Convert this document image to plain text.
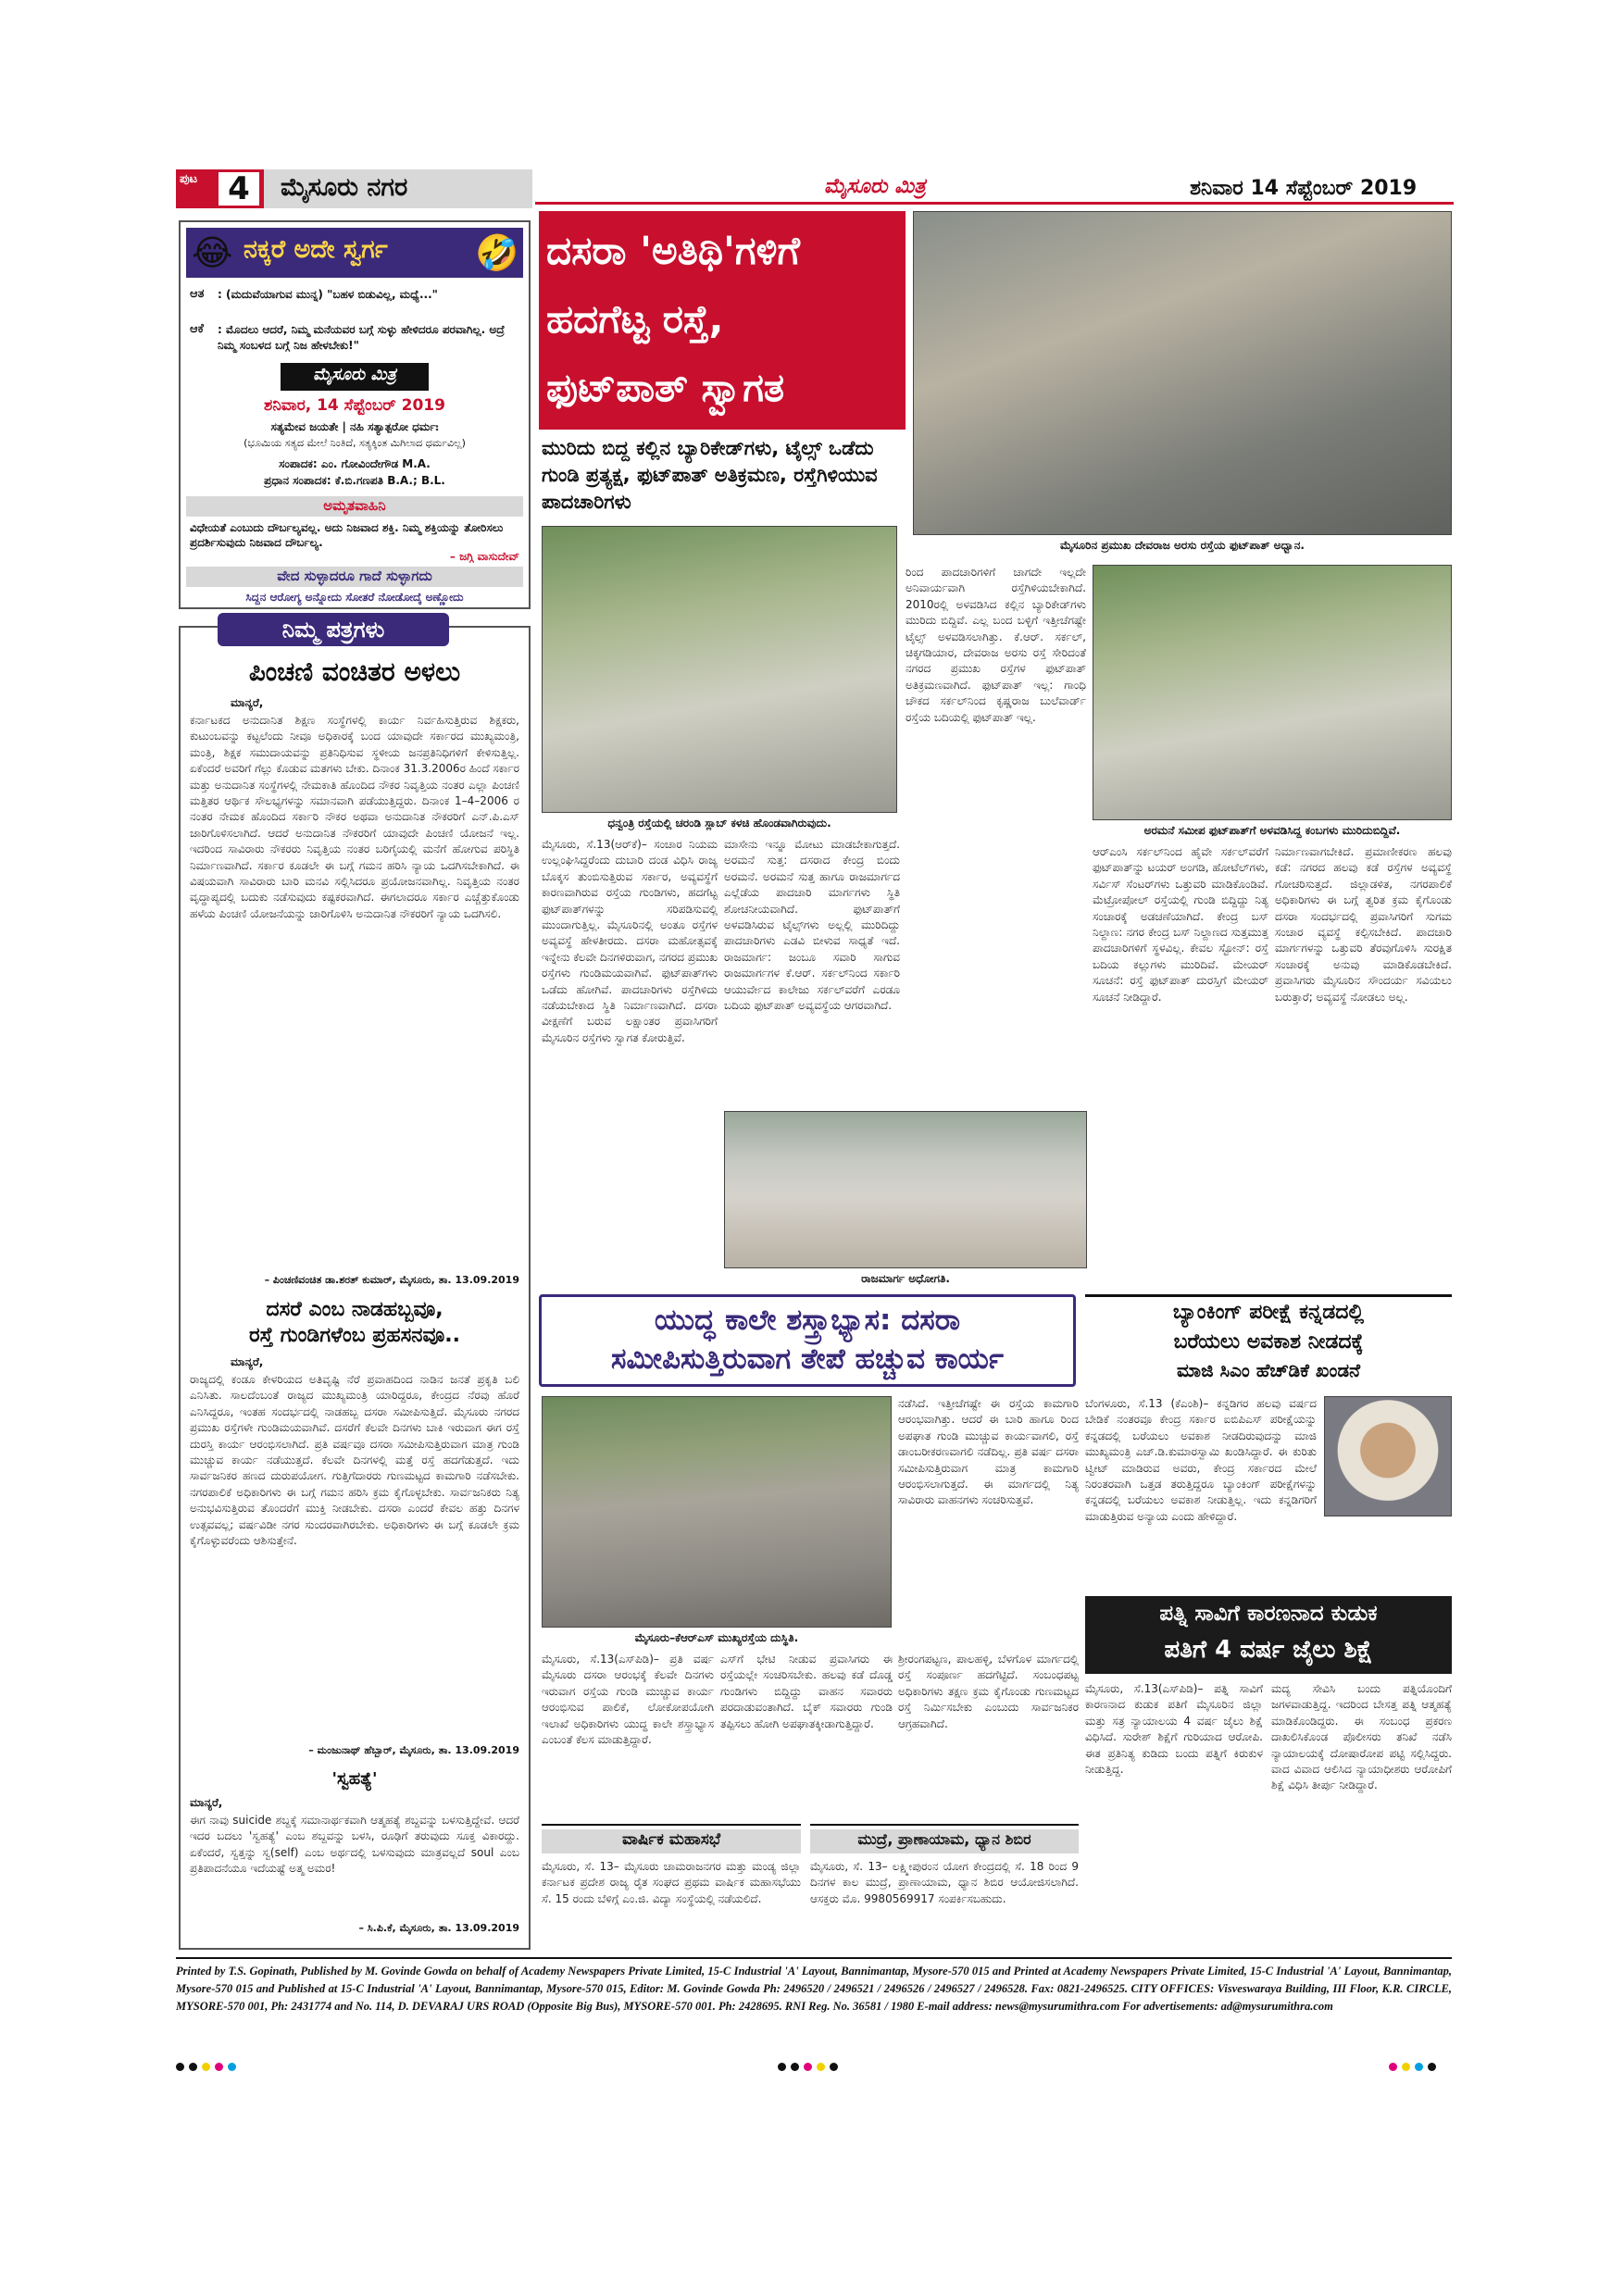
ಪುಟ 4	ಮೈಸೂರು ನಗರ	ಮೈಸೂರು ಮಿತ್ರ	ಶನಿವಾರ 14 ಸೆಪ್ಟೆಂಬರ್ 2019
😂 ನಕ್ಕರೆ ಅದೇ ಸ್ವರ್ಗ 🤣
ಆತ : (ಮದುವೆಯಾಗುವ ಮುನ್ನ) "ಬಹಳ ಬಿಡುವಿಲ್ಲ, ಮಧ್ಯೆ..."
ಆಕೆ : ಮೊದಲು ಆದರೆ, ನಿಮ್ಮ ಮನೆಯವರ ಬಗ್ಗೆ ಸುಳ್ಳು ಹೇಳಿದರೂ ಪರವಾಗಿಲ್ಲ. ಅದ್ರೆ ನಿಮ್ಮ ಸಂಬಳದ ಬಗ್ಗೆ ನಿಜ ಹೇಳಬೇಕು!"
ಮೈಸೂರು ಮಿತ್ರ
ಶನಿವಾರ, 14 ಸೆಪ್ಟೆಂಬರ್ 2019
ಸತ್ಯಮೇವ ಜಯತೇ | ನಹಿ ಸತ್ಯಾತ್ಪರೋ ಧರ್ಮಃ
(ಭೂಮಿಯ ಸತ್ಯದ ಮೇಲೆ ನಿಂತಿದೆ, ಸತ್ಯಕ್ಕಿಂತ ಮಿಗಿಲಾದ ಧರ್ಮವಿಲ್ಲ)
ಸಂಪಾದಕ: ಎಂ. ಗೋವಿಂದೇಗೌಡ M.A.
ಪ್ರಧಾನ ಸಂಪಾದಕ: ಕೆ.ಬಿ.ಗಣಪತಿ B.A.; B.L.
ಅಮೃತವಾಹಿನಿ
ವಿಧೇಯತೆ ಎಂಬುದು ದೌರ್ಬಲ್ಯವಲ್ಲ. ಅದು ನಿಜವಾದ ಶಕ್ತಿ. ನಿಮ್ಮ ಶಕ್ತಿಯನ್ನು ತೋರಿಸಲು ಪ್ರದರ್ಶಿಸುವುದು ನಿಜವಾದ ದೌರ್ಬಲ್ಯ.
– ಜಗ್ಗಿ ವಾಸುದೇವ್
ವೇದ ಸುಳ್ಳಾದರೂ ಗಾದೆ ಸುಳ್ಳಾಗದು
ಸಿದ್ದನ ಆರೋಗ್ಯ ಅನ್ನೋದು ಸೋತರೆ ನೋಡೋದ್ಕೆ ಅಣ್ಣೋದು
ನಿಮ್ಮ ಪತ್ರಗಳು
ಪಿಂಚಣಿ ವಂಚಿತರ ಅಳಲು
ಮಾನ್ಯರೆ,
ಕರ್ನಾಟಕದ ಅನುದಾನಿತ ಶಿಕ್ಷಣ ಸಂಸ್ಥೆಗಳಲ್ಲಿ ಕಾರ್ಯ ನಿರ್ವಹಿಸುತ್ತಿರುವ ಶಿಕ್ಷಕರು, ಕುಟುಂಬವನ್ನು ಕಟ್ಟಲೆಂದು ನೀವೂ ಅಧಿಕಾರಕ್ಕೆ ಬಂದ ಯಾವುದೇ ಸರ್ಕಾರದ ಮುಖ್ಯಮಂತ್ರಿ, ಮಂತ್ರಿ, ಶಿಕ್ಷಕ ಸಮುದಾಯವನ್ನು ಪ್ರತಿನಿಧಿಸುವ ಸ್ಥಳೀಯ ಜನಪ್ರತಿನಿಧಿಗಳಿಗೆ ಕೇಳಿಸುತ್ತಿಲ್ಲ. ಏಕೆಂದರೆ ಅವರಿಗೆ ಗೆಲ್ಲು ಕೊಡುವ ಮತಗಳು ಬೇಕು. ದಿನಾಂಕ 31.3.2006ರ ಹಿಂದೆ ಸರ್ಕಾರ ಮತ್ತು ಅನುದಾನಿತ ಸಂಸ್ಥೆಗಳಲ್ಲಿ ನೇಮಕಾತಿ ಹೊಂದಿದ ನೌಕರ ನಿವೃತ್ತಿಯ ನಂತರ ಎಲ್ಲಾ ಪಿಂಚಣಿ ಮತ್ತಿತರ ಆರ್ಥಿಕ ಸೌಲಭ್ಯಗಳನ್ನು ಸಮಾನವಾಗಿ ಪಡೆಯುತ್ತಿದ್ದರು. ದಿನಾಂಕ 1–4–2006 ರ ನಂತರ ನೇಮಕ ಹೊಂದಿದ ಸರ್ಕಾರಿ ನೌಕರ ಅಥವಾ ಅನುದಾನಿತ ನೌಕರರಿಗೆ ಎನ್‌.ಪಿ.ಎಸ್‌ ಜಾರಿಗೊಳಿಸಲಾಗಿದೆ. ಆದರೆ ಅನುದಾನಿತ ನೌಕರರಿಗೆ ಯಾವುದೇ ಪಿಂಚಣಿ ಯೋಜನೆ ಇಲ್ಲ. ಇದರಿಂದ ಸಾವಿರಾರು ನೌಕರರು ನಿವೃತ್ತಿಯ ನಂತರ ಬರಿಗೈಯಲ್ಲಿ ಮನೆಗೆ ಹೋಗುವ ಪರಿಸ್ಥಿತಿ ನಿರ್ಮಾಣವಾಗಿದೆ. ಸರ್ಕಾರ ಕೂಡಲೇ ಈ ಬಗ್ಗೆ ಗಮನ ಹರಿಸಿ ನ್ಯಾಯ ಒದಗಿಸಬೇಕಾಗಿದೆ. ಈ ವಿಷಯವಾಗಿ ಸಾವಿರಾರು ಬಾರಿ ಮನವಿ ಸಲ್ಲಿಸಿದರೂ ಪ್ರಯೋಜನವಾಗಿಲ್ಲ. ನಿವೃತ್ತಿಯ ನಂತರ ವೃದ್ಧಾಪ್ಯದಲ್ಲಿ ಬದುಕು ನಡೆಸುವುದು ಕಷ್ಟಕರವಾಗಿದೆ. ಈಗಲಾದರೂ ಸರ್ಕಾರ ಎಚ್ಚೆತ್ತುಕೊಂಡು ಹಳೆಯ ಪಿಂಚಣಿ ಯೋಜನೆಯನ್ನು ಜಾರಿಗೊಳಿಸಿ ಅನುದಾನಿತ ನೌಕರರಿಗೆ ನ್ಯಾಯ ಒದಗಿಸಲಿ.
– ಪಿಂಚಣಿವಂಚಿತ ಡಾ.ಶರತ್ ಕುಮಾರ್, ಮೈಸೂರು, ತಾ. 13.09.2019
ದಸರೆ ಎಂಬ ನಾಡಹಬ್ಬವೂ,
ರಸ್ತೆ ಗುಂಡಿಗಳೆಂಬ ಪ್ರಹಸನವೂ..
ಮಾನ್ಯರೆ,
ರಾಜ್ಯದಲ್ಲಿ ಕಂಡೂ ಕೇಳರಿಯದ ಅತಿವೃಷ್ಟಿ ನೆರೆ ಪ್ರವಾಹದಿಂದ ನಾಡಿನ ಜನತೆ ಪ್ರಕೃತಿ ಬಲಿ ಎನಿಸಿತು. ಸಾಲದೆಂಬಂತೆ ರಾಜ್ಯದ ಮುಖ್ಯಮಂತ್ರಿ ಯಾರಿದ್ದರೂ, ಕೇಂದ್ರದ ನೆರವು ಹೊರೆ ಎನಿಸಿದ್ದರೂ, ಇಂತಹ ಸಂದರ್ಭದಲ್ಲಿ ನಾಡಹಬ್ಬ ದಸರಾ ಸಮೀಪಿಸುತ್ತಿದೆ. ಮೈಸೂರು ನಗರದ ಪ್ರಮುಖ ರಸ್ತೆಗಳೇ ಗುಂಡಿಮಯವಾಗಿವೆ. ದಸರೆಗೆ ಕೆಲವೇ ದಿನಗಳು ಬಾಕಿ ಇರುವಾಗ ಈಗ ರಸ್ತೆ ದುರಸ್ತಿ ಕಾರ್ಯ ಆರಂಭಿಸಲಾಗಿದೆ. ಪ್ರತಿ ವರ್ಷವೂ ದಸರಾ ಸಮೀಪಿಸುತ್ತಿರುವಾಗ ಮಾತ್ರ ಗುಂಡಿ ಮುಚ್ಚುವ ಕಾರ್ಯ ನಡೆಯುತ್ತದೆ. ಕೆಲವೇ ದಿನಗಳಲ್ಲಿ ಮತ್ತೆ ರಸ್ತೆ ಹದಗೆಡುತ್ತದೆ. ಇದು ಸಾರ್ವಜನಿಕರ ಹಣದ ದುರುಪಯೋಗ. ಗುತ್ತಿಗೆದಾರರು ಗುಣಮಟ್ಟದ ಕಾಮಗಾರಿ ನಡೆಸಬೇಕು. ನಗರಪಾಲಿಕೆ ಅಧಿಕಾರಿಗಳು ಈ ಬಗ್ಗೆ ಗಮನ ಹರಿಸಿ ಕ್ರಮ ಕೈಗೊಳ್ಳಬೇಕು. ಸಾರ್ವಜನಿಕರು ನಿತ್ಯ ಅನುಭವಿಸುತ್ತಿರುವ ತೊಂದರೆಗೆ ಮುಕ್ತಿ ನೀಡಬೇಕು. ದಸರಾ ಎಂದರೆ ಕೇವಲ ಹತ್ತು ದಿನಗಳ ಉತ್ಸವವಲ್ಲ; ವರ್ಷವಿಡೀ ನಗರ ಸುಂದರವಾಗಿರಬೇಕು. ಅಧಿಕಾರಿಗಳು ಈ ಬಗ್ಗೆ ಕೂಡಲೇ ಕ್ರಮ ಕೈಗೊಳ್ಳುವರೆಂದು ಆಶಿಸುತ್ತೇನೆ.
– ಮಂಜುನಾಥ್ ಹೆಬ್ಬಾರ್, ಮೈಸೂರು, ತಾ. 13.09.2019
'ಸ್ವಹತ್ಯೆ'
ಮಾನ್ಯರೆ,
ಈಗ ನಾವು suicide ಶಬ್ದಕ್ಕೆ ಸಮಾನಾರ್ಥಕವಾಗಿ ಆತ್ಮಹತ್ಯೆ ಶಬ್ದವನ್ನು ಬಳಸುತ್ತಿದ್ದೇವೆ. ಆದರೆ ಇದರ ಬದಲು 'ಸ್ವಹತ್ಯೆ' ಎಂಬ ಶಬ್ದವನ್ನು ಬಳಸಿ, ರೂಢಿಗೆ ತರುವುದು ಸೂಕ್ತ ವಿಕಾರದ್ದು. ಏಕೆಂದರೆ, ಸ್ವತ್ತನ್ನು ಸ್ವ(self) ಎಂಬ ಅರ್ಥದಲ್ಲಿ ಬಳಸುವುದು ಮಾತ್ರವಲ್ಲದೆ soul ಎಂಬ ಪ್ರತಿಪಾದನೆಯೂ ಇದೆಯಷ್ಟೆ ಅತ್ಮ ಅಮರ!
– ಸಿ.ಪಿ.ಕೆ, ಮೈಸೂರು, ತಾ. 13.09.2019
ದಸರಾ 'ಅತಿಥಿ'ಗಳಿಗೆ
ಹದಗೆಟ್ಟ ರಸ್ತೆ,
ಫುಟ್‌ಪಾತ್ ಸ್ವಾಗತ
ಮುರಿದು ಬಿದ್ದ ಕಲ್ಲಿನ ಬ್ಯಾರಿಕೇಡ್‌ಗಳು, ಟೈಲ್ಸ್ ಒಡೆದು ಗುಂಡಿ ಪ್ರತ್ಯಕ್ಷ, ಫುಟ್‌ಪಾತ್ ಅತಿಕ್ರಮಣ, ರಸ್ತೆಗಿಳಿಯುವ ಪಾದಚಾರಿಗಳು
ಮೈಸೂರಿನ ಪ್ರಮುಖ ದೇವರಾಜ ಅರಸು ರಸ್ತೆಯ ಫುಟ್‌ಪಾತ್ ಅಧ್ವಾನ.
ಧನ್ವಂತ್ರಿ ರಸ್ತೆಯಲ್ಲಿ ಚರಂಡಿ ಸ್ಲಾಬ್ ಕಳಚಿ ಹೊಂಡವಾಗಿರುವುದು.
ರಿಂದ ಪಾದಚಾರಿಗಳಿಗೆ ಚಾಗದೇ ಇಲ್ಲದೇ ಅನಿವಾರ್ಯವಾಗಿ ರಸ್ತೆಗಿಳಿಯಬೇಕಾಗಿದೆ. 2010ರಲ್ಲಿ ಅಳವಡಿಸಿದ ಕಲ್ಲಿನ ಬ್ಯಾರಿಕೇಡ್‌ಗಳು ಮುರಿದು ಬಿದ್ದಿವೆ. ಎಲ್ಲ ಬಂದ ಬಳ್ಳಿಗೆ ಇತ್ತೀಚೆಗಷ್ಟೇ ಟೈಲ್ಸ್ ಅಳವಡಿಸಲಾಗಿತ್ತು. ಕೆ.ಆರ್. ಸರ್ಕಲ್, ಚಿಕ್ಕಗಡಿಯಾರ, ದೇವರಾಜ ಅರಸು ರಸ್ತೆ ಸೇರಿದಂತೆ ನಗರದ ಪ್ರಮುಖ ರಸ್ತೆಗಳ ಫುಟ್‌ಪಾತ್ ಅತಿಕ್ರಮಣವಾಗಿದೆ. ಫುಟ್‌ಪಾತ್ ಇಲ್ಲ: ಗಾಂಧಿ ಚೌಕದ ಸರ್ಕಲ್‌ನಿಂದ ಕೃಷ್ಣರಾಜ ಬುಲೆವಾರ್ಡ್ ರಸ್ತೆಯ ಬದಿಯಲ್ಲಿ ಫುಟ್‌ಪಾತ್ ಇಲ್ಲ.
ಅರಮನೆ ಸಮೀಪ ಫುಟ್‌ಪಾತ್‌ಗೆ ಅಳವಡಿಸಿದ್ದ ಕಂಬಗಳು ಮುರಿದುಬಿದ್ದಿವೆ.
ಮೈಸೂರು, ಸೆ.13(ಆರ್‌ಕೆ)– ಸಂಚಾರ ನಿಯಮ ಉಲ್ಲಂಘಿಸಿದ್ದರೆಂದು ದುಬಾರಿ ದಂಡ ವಿಧಿಸಿ ರಾಜ್ಯ ಬೊಕ್ಕಸ ತುಂಬಿಸುತ್ತಿರುವ ಸರ್ಕಾರ, ಅವ್ಯವಸ್ಥೆಗೆ ಕಾರಣವಾಗಿರುವ ರಸ್ತೆಯ ಗುಂಡಿಗಳು, ಹದಗೆಟ್ಟ ಫುಟ್‌ಪಾತ್‌ಗಳನ್ನು ಸರಿಪಡಿಸುವಲ್ಲಿ ಮುಂದಾಗುತ್ತಿಲ್ಲ. ಮೈಸೂರಿನಲ್ಲಿ ಅಂತೂ ರಸ್ತೆಗಳ ಅವ್ಯವಸ್ಥೆ ಹೇಳತೀರದು. ದಸರಾ ಮಹೋತ್ಸವಕ್ಕೆ ಇನ್ನೇನು ಕೆಲವೇ ದಿನಗಳಿರುವಾಗ, ನಗರದ ಪ್ರಮುಖ ರಸ್ತೆಗಳು ಗುಂಡಿಮಯವಾಗಿವೆ. ಫುಟ್‌ಪಾತ್‌ಗಳು ಒಡೆದು ಹೋಗಿವೆ. ಪಾದಚಾರಿಗಳು ರಸ್ತೆಗಿಳಿದು ನಡೆಯಬೇಕಾದ ಸ್ಥಿತಿ ನಿರ್ಮಾಣವಾಗಿದೆ. ದಸರಾ ವೀಕ್ಷಣೆಗೆ ಬರುವ ಲಕ್ಷಾಂತರ ಪ್ರವಾಸಿಗರಿಗೆ ಮೈಸೂರಿನ ರಸ್ತೆಗಳು ಸ್ವಾಗತ ಕೋರುತ್ತಿವೆ.
ಮಾಸೇನು ಇನ್ನೂ ಮೋಟು ಮಾಡಬೇಕಾಗುತ್ತದೆ. ಅರಮನೆ ಸುತ್ತ: ದಸರಾದ ಕೇಂದ್ರ ಬಿಂದು ಅರಮನೆ. ಅರಮನೆ ಸುತ್ತ ಹಾಗೂ ರಾಜಮಾರ್ಗದ ಎಲ್ಲೆಡೆಯ ಪಾದಚಾರಿ ಮಾರ್ಗಗಳು ಸ್ಥಿತಿ ಶೋಚನೀಯವಾಗಿದೆ. ಫುಟ್‌ಪಾತ್‌ಗೆ ಅಳವಡಿಸಿರುವ ಟೈಲ್ಸ್‌ಗಳು ಅಲ್ಲಲ್ಲಿ ಮುರಿದಿದ್ದು ಪಾದಚಾರಿಗಳು ಎಡವಿ ಬೀಳುವ ಸಾಧ್ಯತೆ ಇದೆ. ರಾಜಮಾರ್ಗ: ಜಂಬೂ ಸವಾರಿ ಸಾಗುವ ರಾಜಮಾರ್ಗಗಳ ಕೆ.ಆರ್. ಸರ್ಕಲ್‌ನಿಂದ ಸರ್ಕಾರಿ ಆಯುರ್ವೇದ ಕಾಲೇಜು ಸರ್ಕಲ್‌ವರೆಗೆ ಎರಡೂ ಬದಿಯ ಫುಟ್‌ಪಾತ್ ಅವ್ಯವಸ್ಥೆಯ ಆಗರವಾಗಿದೆ.
ಆರ್‌ಎಂಸಿ ಸರ್ಕಲ್‌ನಿಂದ ಹೈವೇ ಸರ್ಕಲ್‌ವರೆಗೆ ಫುಟ್‌ಪಾತ್‌ನ್ನು ಟಯರ್ ಅಂಗಡಿ, ಹೋಟೆಲ್‌ಗಳು, ಸರ್ವಿಸ್ ಸೆಂಟರ್‌ಗಳು ಒತ್ತುವರಿ ಮಾಡಿಕೊಂಡಿವೆ. ಮೆಟ್ರೋಪೋಲ್ ರಸ್ತೆಯಲ್ಲಿ ಗುಂಡಿ ಬಿದ್ದಿದ್ದು ನಿತ್ಯ ಸಂಚಾರಕ್ಕೆ ಅಡಚಣೆಯಾಗಿದೆ. ಕೇಂದ್ರ ಬಸ್ ನಿಲ್ದಾಣ: ನಗರ ಕೇಂದ್ರ ಬಸ್ ನಿಲ್ದಾಣದ ಸುತ್ತಮುತ್ತ ಪಾದಚಾರಿಗಳಿಗೆ ಸ್ಥಳವಿಲ್ಲ. ಕೇವಲ ಸ್ಟೋನ್: ರಸ್ತೆ ಬದಿಯ ಕಲ್ಲುಗಳು ಮುರಿದಿವೆ. ಮೇಯರ್ ಸೂಚನೆ: ರಸ್ತೆ ಫುಟ್‌ಪಾತ್ ದುರಸ್ತಿಗೆ ಮೇಯರ್ ಸೂಚನೆ ನೀಡಿದ್ದಾರೆ.
ನಿರ್ಮಾಣವಾಗಬೇಕಿದೆ. ಪ್ರಮಾಣೀಕರಣ ಹಲವು ಕಡೆ: ನಗರದ ಹಲವು ಕಡೆ ರಸ್ತೆಗಳ ಅವ್ಯವಸ್ಥೆ ಗೋಚರಿಸುತ್ತದೆ. ಜಿಲ್ಲಾಡಳಿತ, ನಗರಪಾಲಿಕೆ ಅಧಿಕಾರಿಗಳು ಈ ಬಗ್ಗೆ ತ್ವರಿತ ಕ್ರಮ ಕೈಗೊಂಡು ದಸರಾ ಸಂದರ್ಭದಲ್ಲಿ ಪ್ರವಾಸಿಗರಿಗೆ ಸುಗಮ ಸಂಚಾರ ವ್ಯವಸ್ಥೆ ಕಲ್ಪಿಸಬೇಕಿದೆ. ಪಾದಚಾರಿ ಮಾರ್ಗಗಳನ್ನು ಒತ್ತುವರಿ ತೆರವುಗೊಳಿಸಿ ಸುರಕ್ಷಿತ ಸಂಚಾರಕ್ಕೆ ಅನುವು ಮಾಡಿಕೊಡಬೇಕಿದೆ. ಪ್ರವಾಸಿಗರು ಮೈಸೂರಿನ ಸೌಂದರ್ಯ ಸವಿಯಲು ಬರುತ್ತಾರೆ; ಅವ್ಯವಸ್ಥೆ ನೋಡಲು ಅಲ್ಲ.
ರಾಜಮಾರ್ಗ ಅಧೋಗತಿ.
ಯುದ್ಧ ಕಾಲೇ ಶಸ್ತ್ರಾಭ್ಯಾಸ: ದಸರಾ
ಸಮೀಪಿಸುತ್ತಿರುವಾಗ ತೇಪೆ ಹಚ್ಚುವ ಕಾರ್ಯ
ಮೈಸೂರು–ಕೆಆರ್‌ಎಸ್ ಮುಖ್ಯರಸ್ತೆಯ ದುಸ್ಥಿತಿ.
ನಡೆಸಿದೆ. ಇತ್ತೀಚೆಗಷ್ಟೇ ಈ ರಸ್ತೆಯ ಕಾಮಗಾರಿ ಆರಂಭವಾಗಿತ್ತು. ಆದರೆ ಈ ಬಾರಿ ಹಾಗೂ ರಿಂದ ಅಪಘಾತ ಗುಂಡಿ ಮುಚ್ಚುವ ಕಾರ್ಯವಾಗಲಿ, ರಸ್ತೆ ಡಾಂಬರೀಕರಣವಾಗಲಿ ನಡೆದಿಲ್ಲ. ಪ್ರತಿ ವರ್ಷ ದಸರಾ ಸಮೀಪಿಸುತ್ತಿರುವಾಗ ಮಾತ್ರ ಕಾಮಗಾರಿ ಆರಂಭಿಸಲಾಗುತ್ತದೆ. ಈ ಮಾರ್ಗದಲ್ಲಿ ನಿತ್ಯ ಸಾವಿರಾರು ವಾಹನಗಳು ಸಂಚರಿಸುತ್ತವೆ.
ಮೈಸೂರು, ಸೆ.13(ಎಸ್‌ಪಿಡಿ)– ಪ್ರತಿ ವರ್ಷ ಮೈಸೂರು ದಸರಾ ಆರಂಭಕ್ಕೆ ಕೆಲವೇ ದಿನಗಳು ಇರುವಾಗ ರಸ್ತೆಯ ಗುಂಡಿ ಮುಚ್ಚುವ ಕಾರ್ಯ ಆರಂಭಿಸುವ ಪಾಲಿಕೆ, ಲೋಕೋಪಯೋಗಿ ಇಲಾಖೆ ಅಧಿಕಾರಿಗಳು ಯುದ್ಧ ಕಾಲೇ ಶಸ್ತ್ರಾಭ್ಯಾಸ ಎಂಬಂತೆ ಕೆಲಸ ಮಾಡುತ್ತಿದ್ದಾರೆ.
ಎಸ್‌ಗೆ ಭೇಟಿ ನೀಡುವ ಪ್ರವಾಸಿಗರು ಈ ರಸ್ತೆಯಲ್ಲೇ ಸಂಚರಿಸಬೇಕು. ಹಲವು ಕಡೆ ದೊಡ್ಡ ಗುಂಡಿಗಳು ಬಿದ್ದಿದ್ದು ವಾಹನ ಸವಾರರು ಪರದಾಡುವಂತಾಗಿದೆ. ಬೈಕ್ ಸವಾರರು ಗುಂಡಿ ತಪ್ಪಿಸಲು ಹೋಗಿ ಅಪಘಾತಕ್ಕೀಡಾಗುತ್ತಿದ್ದಾರೆ.
ಶ್ರೀರಂಗಪಟ್ಟಣ, ಪಾಲಹಳ್ಳಿ, ಬೆಳಗೊಳ ಮಾರ್ಗದಲ್ಲಿ ರಸ್ತೆ ಸಂಪೂರ್ಣ ಹದಗೆಟ್ಟಿದೆ. ಸಂಬಂಧಪಟ್ಟ ಅಧಿಕಾರಿಗಳು ತಕ್ಷಣ ಕ್ರಮ ಕೈಗೊಂಡು ಗುಣಮಟ್ಟದ ರಸ್ತೆ ನಿರ್ಮಿಸಬೇಕು ಎಂಬುದು ಸಾರ್ವಜನಿಕರ ಆಗ್ರಹವಾಗಿದೆ.
ವಾರ್ಷಿಕ ಮಹಾಸಭೆ
ಮೈಸೂರು, ಸೆ. 13– ಮೈಸೂರು ಚಾಮರಾಜನಗರ ಮತ್ತು ಮಂಡ್ಯ ಜಿಲ್ಲಾ ಕರ್ನಾಟಕ ಪ್ರದೇಶ ರಾಜ್ಯ ರೈತ ಸಂಘದ ಪ್ರಥಮ ವಾರ್ಷಿಕ ಮಹಾಸಭೆಯು ಸೆ. 15 ರಂದು ಬೆಳಿಗ್ಗೆ ಎಂ.ಜಿ. ವಿದ್ಯಾ ಸಂಸ್ಥೆಯಲ್ಲಿ ನಡೆಯಲಿದೆ.
ಮುದ್ರೆ, ಪ್ರಾಣಾಯಾಮ, ಧ್ಯಾನ ಶಿಬಿರ
ಮೈಸೂರು, ಸೆ. 13– ಲಕ್ಷ್ಮೀಪುರಂನ ಯೋಗ ಕೇಂದ್ರದಲ್ಲಿ ಸೆ. 18 ರಿಂದ 9 ದಿನಗಳ ಕಾಲ ಮುದ್ರೆ, ಪ್ರಾಣಾಯಾಮ, ಧ್ಯಾನ ಶಿಬಿರ ಆಯೋಜಿಸಲಾಗಿದೆ. ಆಸಕ್ತರು ಮೊ. 9980569917 ಸಂಪರ್ಕಿಸಬಹುದು.
ಬ್ಯಾಂಕಿಂಗ್ ಪರೀಕ್ಷೆ ಕನ್ನಡದಲ್ಲಿ
ಬರೆಯಲು ಅವಕಾಶ ನೀಡದಕ್ಕೆ
ಮಾಜಿ ಸಿಎಂ ಹೆಚ್‌ಡಿಕೆ ಖಂಡನೆ
ಬೆಂಗಳೂರು, ಸೆ.13 (ಕೆಎಂಶಿ)– ಕನ್ನಡಿಗರ ಹಲವು ವರ್ಷದ ಬೇಡಿಕೆ ನಂತರವೂ ಕೇಂದ್ರ ಸರ್ಕಾರ ಐಬಿಪಿಎಸ್ ಪರೀಕ್ಷೆಯನ್ನು ಕನ್ನಡದಲ್ಲಿ ಬರೆಯಲು ಅವಕಾಶ ನೀಡದಿರುವುದನ್ನು ಮಾಜಿ ಮುಖ್ಯಮಂತ್ರಿ ಎಚ್.ಡಿ.ಕುಮಾರಸ್ವಾಮಿ ಖಂಡಿಸಿದ್ದಾರೆ. ಈ ಕುರಿತು ಟ್ವೀಟ್ ಮಾಡಿರುವ ಅವರು, ಕೇಂದ್ರ ಸರ್ಕಾರದ ಮೇಲೆ ನಿರಂತರವಾಗಿ ಒತ್ತಡ ತರುತ್ತಿದ್ದರೂ ಬ್ಯಾಂಕಿಂಗ್ ಪರೀಕ್ಷೆಗಳನ್ನು ಕನ್ನಡದಲ್ಲಿ ಬರೆಯಲು ಅವಕಾಶ ನೀಡುತ್ತಿಲ್ಲ. ಇದು ಕನ್ನಡಿಗರಿಗೆ ಮಾಡುತ್ತಿರುವ ಅನ್ಯಾಯ ಎಂದು ಹೇಳಿದ್ದಾರೆ.
ಪತ್ನಿ ಸಾವಿಗೆ ಕಾರಣನಾದ ಕುಡುಕ
ಪತಿಗೆ 4 ವರ್ಷ ಜೈಲು ಶಿಕ್ಷೆ
ಮೈಸೂರು, ಸೆ.13(ಎಸ್‌ಪಿಡಿ)– ಪತ್ನಿ ಸಾವಿಗೆ ಕಾರಣನಾದ ಕುಡುಕ ಪತಿಗೆ ಮೈಸೂರಿನ ಜಿಲ್ಲಾ ಮತ್ತು ಸತ್ರ ನ್ಯಾಯಾಲಯ 4 ವರ್ಷ ಜೈಲು ಶಿಕ್ಷೆ ವಿಧಿಸಿದೆ. ಸುರೇಶ್ ಶಿಕ್ಷೆಗೆ ಗುರಿಯಾದ ಆರೋಪಿ. ಈತ ಪ್ರತಿನಿತ್ಯ ಕುಡಿದು ಬಂದು ಪತ್ನಿಗೆ ಕಿರುಕುಳ ನೀಡುತ್ತಿದ್ದ.
ಮದ್ಯ ಸೇವಿಸಿ ಬಂದು ಪತ್ನಿಯೊಂದಿಗೆ ಜಗಳವಾಡುತ್ತಿದ್ದ. ಇದರಿಂದ ಬೇಸತ್ತ ಪತ್ನಿ ಆತ್ಮಹತ್ಯೆ ಮಾಡಿಕೊಂಡಿದ್ದರು. ಈ ಸಂಬಂಧ ಪ್ರಕರಣ ದಾಖಲಿಸಿಕೊಂಡ ಪೊಲೀಸರು ತನಿಖೆ ನಡೆಸಿ ನ್ಯಾಯಾಲಯಕ್ಕೆ ದೋಷಾರೋಪ ಪಟ್ಟಿ ಸಲ್ಲಿಸಿದ್ದರು. ವಾದ ವಿವಾದ ಆಲಿಸಿದ ನ್ಯಾಯಾಧೀಶರು ಆರೋಪಿಗೆ ಶಿಕ್ಷೆ ವಿಧಿಸಿ ತೀರ್ಪು ನೀಡಿದ್ದಾರೆ.
Printed by T.S. Gopinath, Published by M. Govinde Gowda on behalf of Academy Newspapers Private Limited, 15-C Industrial 'A' Layout, Bannimantap, Mysore-570 015 and Printed at Academy Newspapers Private Limited, 15-C Industrial 'A' Layout, Bannimantap, Mysore-570 015 and Published at 15-C Industrial 'A' Layout, Bannimantap, Mysore-570 015, Editor: M. Govinde Gowda Ph: 2496520 / 2496521 / 2496526 / 2496527 / 2496528. Fax: 0821-2496525. CITY OFFICES: Visveswaraya Building, III Floor, K.R. CIRCLE, MYSORE-570 001, Ph: 2431774 and No. 114, D. DEVARAJ URS ROAD (Opposite Big Bus), MYSORE-570 001. Ph: 2428695. RNI Reg. No. 36581 / 1980 E-mail address: news@mysurumithra.com For advertisements: ad@mysurumithra.com
